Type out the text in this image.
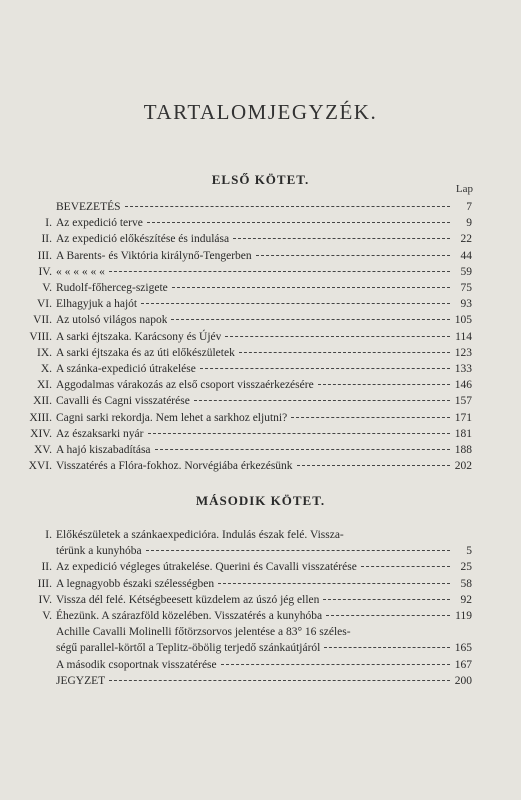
TARTALOMJEGYZÉK.
ELSŐ KÖTET.
Lap
BEVEZETÉS	7
I. Az expedició terve	9
II. Az expedició előkészítése és indulása	22
III. A Barents- és Viktória királynő-Tengerben	44
IV. « « « « « «	59
V. Rudolf-főherceg-szigete	75
VI. Elhagyjuk a hajót	93
VII. Az utolsó világos napok	105
VIII. A sarki éjtszaka. Karácsony és Újév	114
IX. A sarki éjtszaka és az úti előkészületek	123
X. A szánka-expedició útrakelése	133
XI. Aggodalmas várakozás az első csoport visszaérkezésére	146
XII. Cavalli és Cagni visszatérése	157
XIII. Cagni sarki rekordja. Nem lehet a sarkhoz eljutni?	171
XIV. Az északsarki nyár	181
XV. A hajó kiszabadítása	188
XVI. Visszatérés a Flóra-fokhoz. Norvégiába érkezésünk	202
MÁSODIK KÖTET.
I. Előkészületek a szánkaexpedicióra. Indulás észak felé. Vissza-
térünk a kunyhóba	5
II. Az expedició végleges útrakelése. Querini és Cavalli visszatérése	25
III. A legnagyobb északi szélességben	58
IV. Vissza dél felé. Kétségbeesett küzdelem az úszó jég ellen	92
V. Éhezünk. A szárazföld közelében. Visszatérés a kunyhóba	119
Achille Cavalli Molinelli főtörzsorvos jelentése a 83° 16 széles-
ségű parallel-körtől a Teplitz-öbölig terjedő szánkaútjáról	165
A második csoportnak visszatérése	167
JEGYZET	200
